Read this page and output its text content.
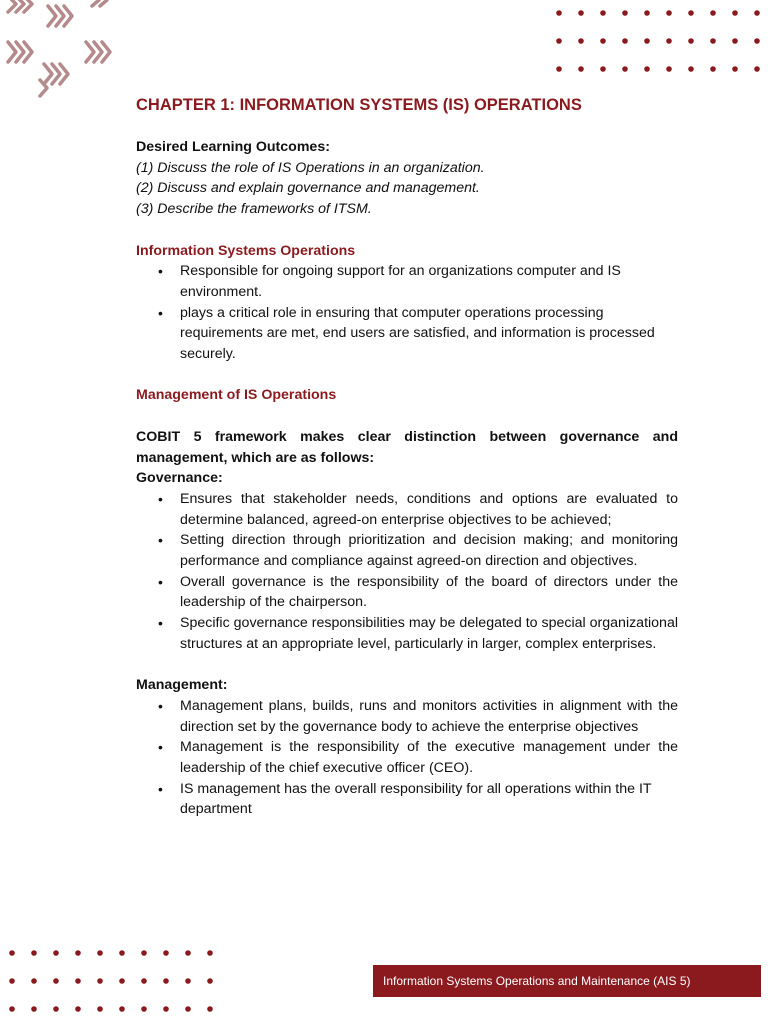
CHAPTER 1: INFORMATION SYSTEMS (IS) OPERATIONS
Desired Learning Outcomes:
(1) Discuss the role of IS Operations in an organization.
(2) Discuss and explain governance and management.
(3) Describe the frameworks of ITSM.
Information Systems Operations
• Responsible for ongoing support for an organizations computer and IS environment.
• plays a critical role in ensuring that computer operations processing requirements are met, end users are satisfied, and information is processed securely.
Management of IS Operations
COBIT 5 framework makes clear distinction between governance and management, which are as follows:
Governance:
• Ensures that stakeholder needs, conditions and options are evaluated to determine balanced, agreed-on enterprise objectives to be achieved;
• Setting direction through prioritization and decision making; and monitoring performance and compliance against agreed-on direction and objectives.
• Overall governance is the responsibility of the board of directors under the leadership of the chairperson.
• Specific governance responsibilities may be delegated to special organizational structures at an appropriate level, particularly in larger, complex enterprises.
Management:
• Management plans, builds, runs and monitors activities in alignment with the direction set by the governance body to achieve the enterprise objectives
• Management is the responsibility of the executive management under the leadership of the chief executive officer (CEO).
• IS management has the overall responsibility for all operations within the IT department
Information Systems Operations and Maintenance (AIS 5)
